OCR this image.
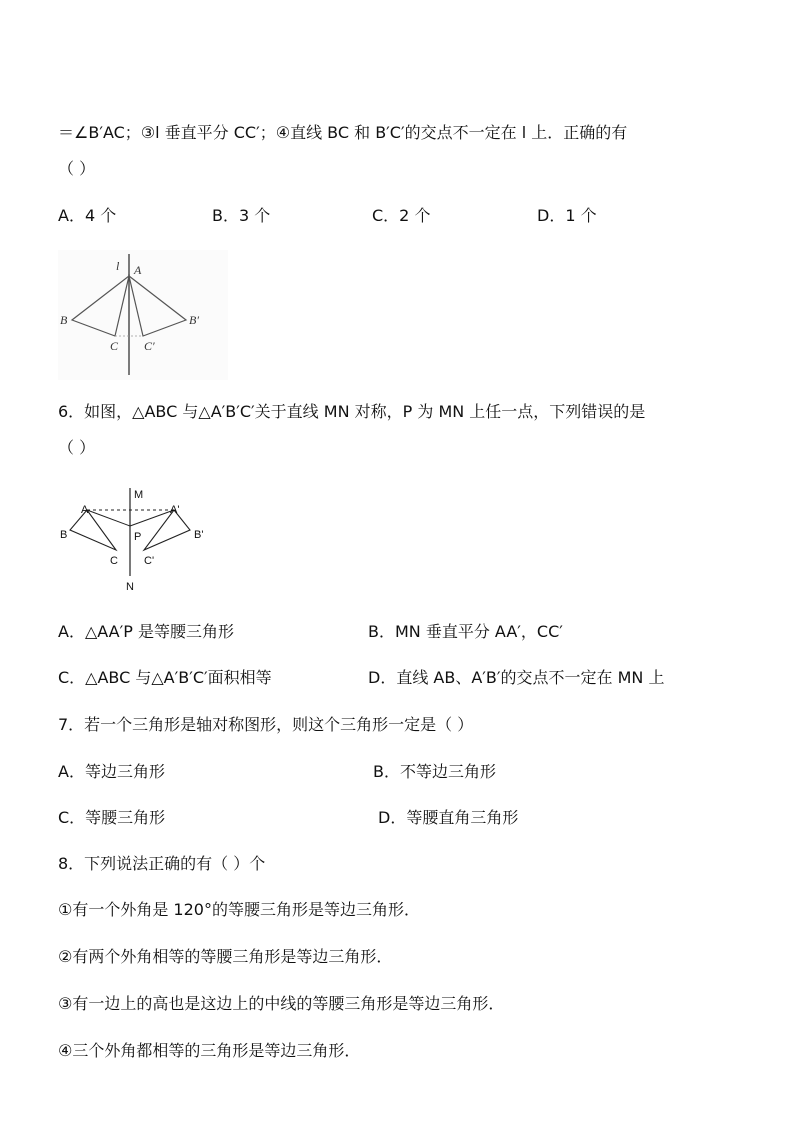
＝∠B′AC；③l 垂直平分 CC′；④直线 BC 和 B′C′的交点不一定在 l 上．正确的有
（ ）
A．4 个	B．3 个	C．2 个	D．1 个
l A
B
C C′
B′
6．如图，△ABC 与△A′B′C′关于直线 MN 对称，P 为 MN 上任一点，下列错误的是
（ ）
M
N
P
A	A'
B	B'
C C'
A．△AA′P 是等腰三角形	B．MN 垂直平分 AA′，CC′
C．△ABC 与△A′B′C′面积相等	D．直线 AB、A′B′的交点不一定在 MN 上
7．若一个三角形是轴对称图形，则这个三角形一定是（ ）
A．等边三角形	B．不等边三角形
C．等腰三角形	D．等腰直角三角形
8．下列说法正确的有（ ）个
①有一个外角是 120°的等腰三角形是等边三角形．
②有两个外角相等的等腰三角形是等边三角形．
③有一边上的高也是这边上的中线的等腰三角形是等边三角形．
④三个外角都相等的三角形是等边三角形．
